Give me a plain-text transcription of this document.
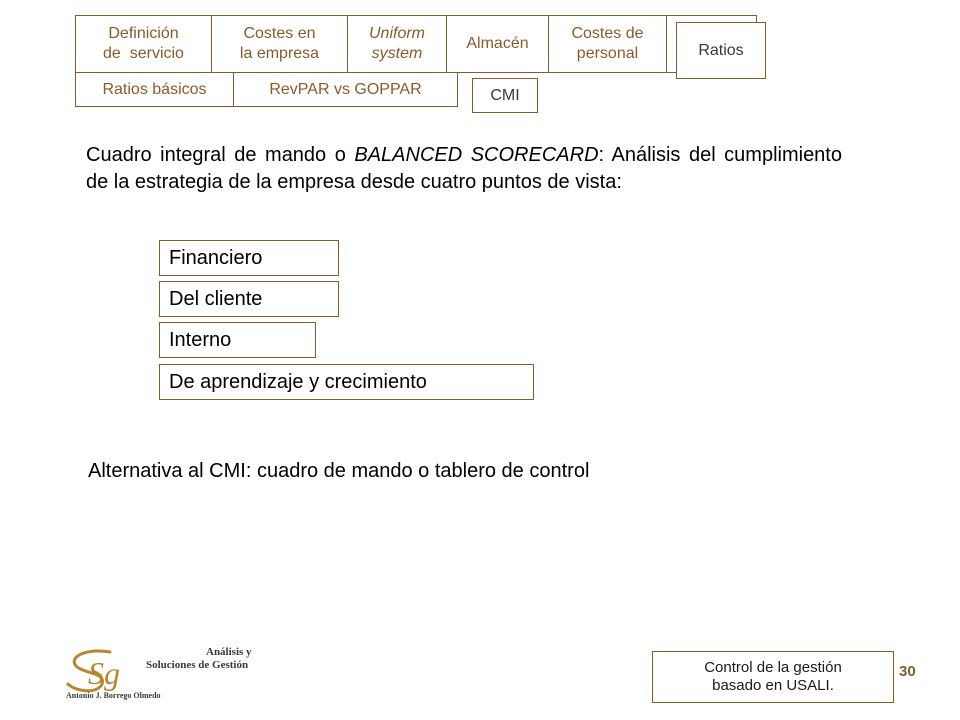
Definición
de  servicio
Costes en
la empresa
Uniform
system
Almacén
Costes de
personal	Ratios
Ratios básicos	RevPAR vs GOPPAR	CMI
Cuadro integral de mando o BALANCED SCORECARD: Análisis del cumplimiento de la estrategia de la empresa desde cuatro puntos de vista:
Financiero
Del cliente
Interno
De aprendizaje y crecimiento
Alternativa al CMI: cuadro de mando o tablero de control
Sg
Análisis y
Soluciones de Gestión
Antonio J. Borrego Olmedo
Control de la gestión
basado en USALI.
30
